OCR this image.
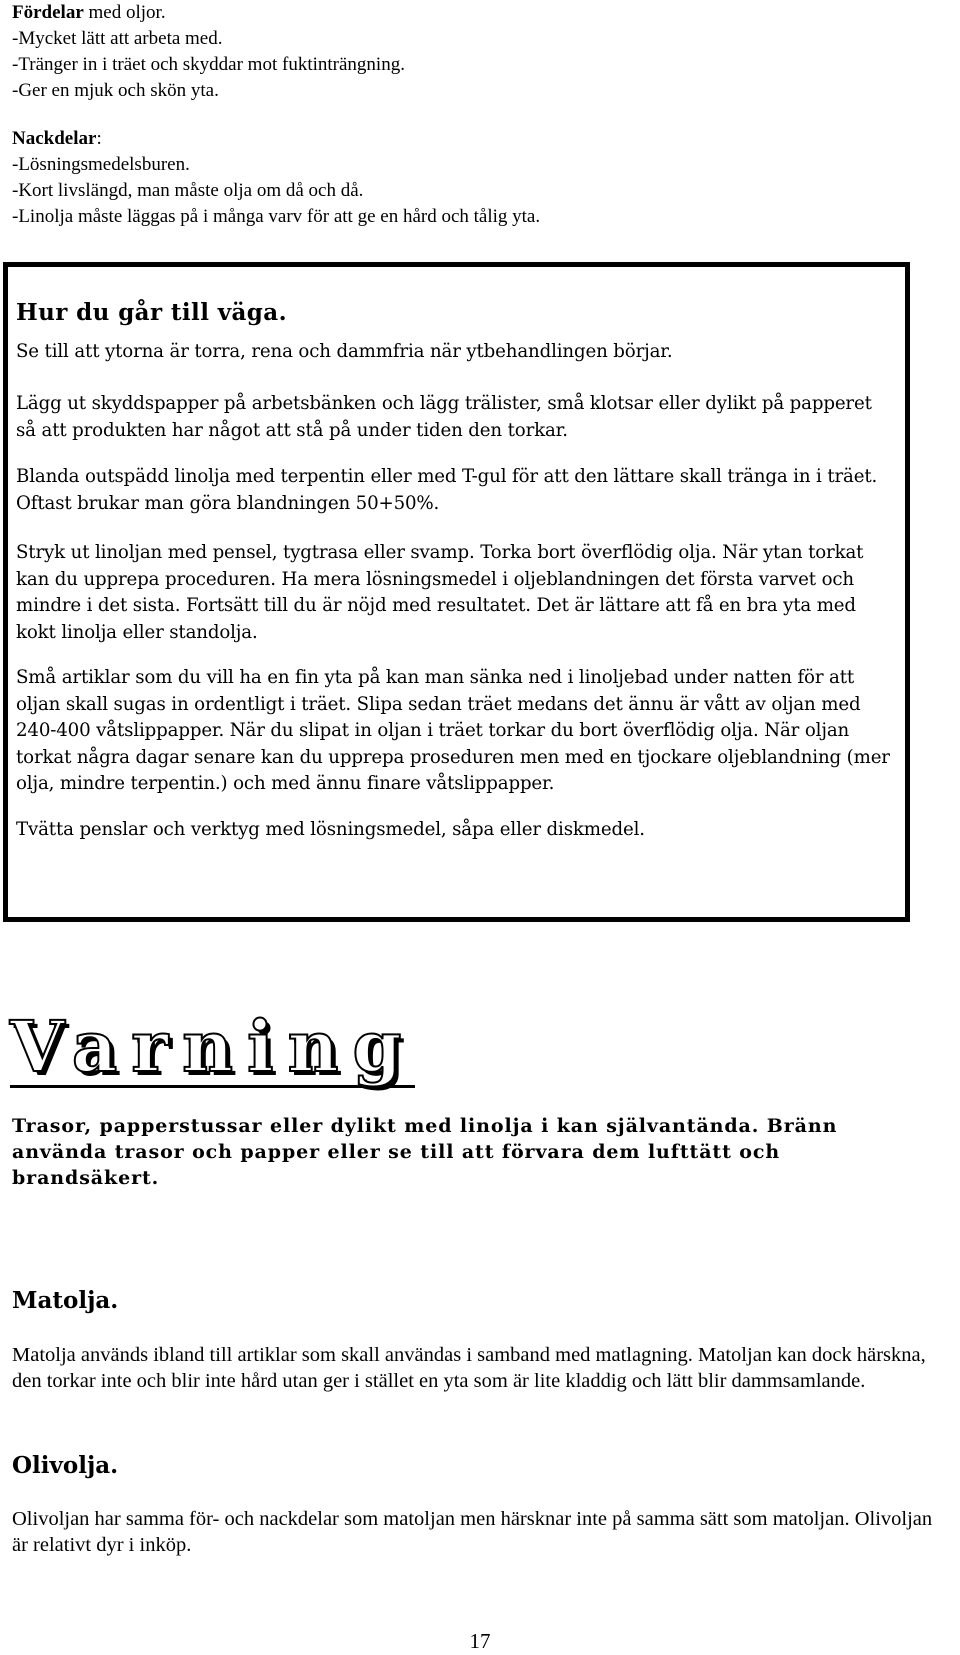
Fördelar med oljor.

-Mycket lätt att arbeta med.

-Tränger in i träet och skyddar mot fuktinträngning.

-Ger en mjuk och skön yta.

Nackdelar:

-Lösningsmedelsburen.

-Kort livslängd, man måste olja om då och då.

-Linolja måste läggas på i många varv för att ge en hård och tålig yta.

Hur du går till väga.

Se till att ytorna är torra, rena och dammfria när ytbehandlingen börjar.

Lägg ut skyddspapper på arbetsbänken och lägg trälister, små klotsar eller dylikt på papperet så att produkten har något att stå på under tiden den torkar.

Blanda outspädd linolja med terpentin eller med T-gul för att den lättare skall tränga in i träet. Oftast brukar man göra blandningen 50+50%.

Stryk ut linoljan med pensel, tygtrasa eller svamp. Torka bort överflödig olja. När ytan torkat kan du upprepa proceduren. Ha mera lösningsmedel i oljeblandningen det första varvet och mindre i det sista. Fortsätt till du är nöjd med resultatet. Det är lättare att få en bra yta med kokt linolja eller standolja.

Små artiklar som du vill ha en fin yta på kan man sänka ned i linoljebad under natten för att oljan skall sugas in ordentligt i träet. Slipa sedan träet medans det ännu är vått av oljan med 240-400 våtslippapper. När du slipat in oljan i träet torkar du bort överflödig olja. När oljan torkat några dagar senare kan du upprepa proseduren men med en tjockare oljeblandning (mer olja, mindre terpentin.) och med ännu finare våtslippapper.

Tvätta penslar och verktyg med lösningsmedel, såpa eller diskmedel.

Varning

Trasor, papperstussar eller dylikt med linolja i kan självantända. Bränn använda trasor och papper eller se till att förvara dem lufttätt och brandsäkert.

Matolja.

Matolja används ibland till artiklar som skall användas i samband med matlagning. Matoljan kan dock härskna, den torkar inte och blir inte hård utan ger i stället en yta som är lite kladdig och lätt blir dammsamlande.

Olivolja.

Olivoljan har samma för- och nackdelar som matoljan men härsknar inte på samma sätt som matoljan. Olivoljan är relativt dyr i inköp.

17
